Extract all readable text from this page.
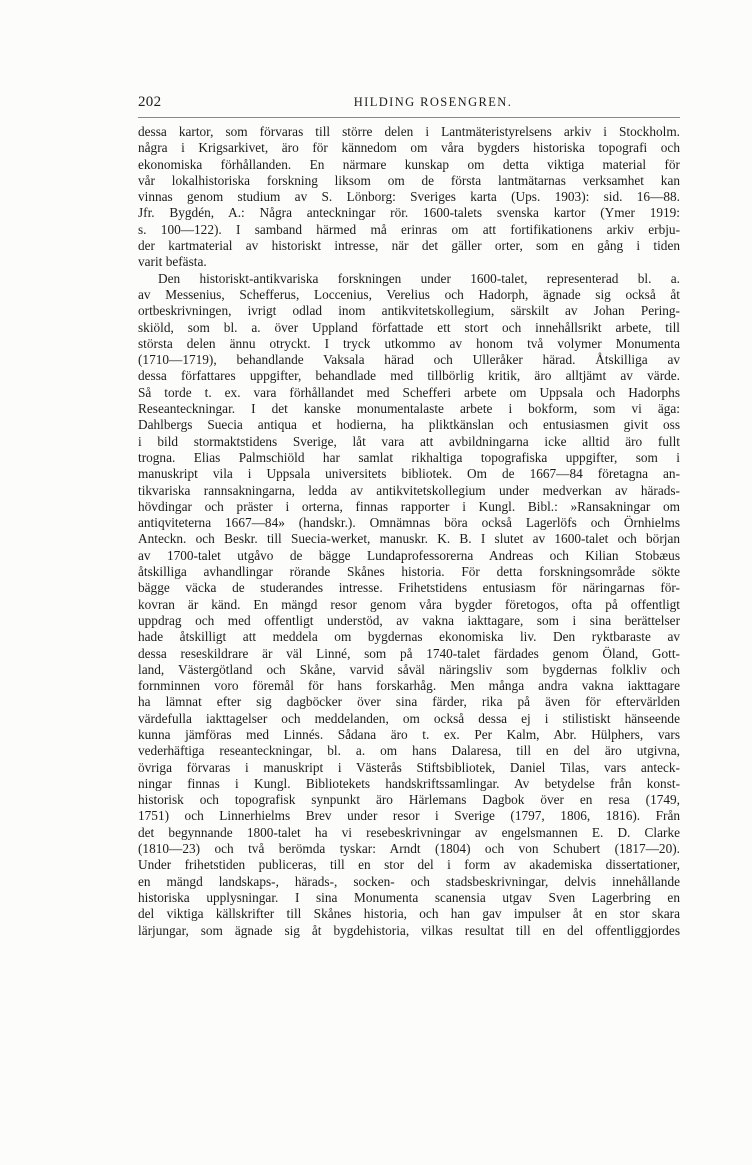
202	HILDING ROSENGREN.
dessa kartor, som förvaras till större delen i Lantmäteristyrelsens arkiv i Stockholm.
några i Krigsarkivet, äro för kännedom om våra bygders historiska topografi och
ekonomiska förhållanden. En närmare kunskap om detta viktiga material för
vår lokalhistoriska forskning liksom om de första lantmätarnas verksamhet kan
vinnas genom studium av S. Lönborg: Sveriges karta (Ups. 1903): sid. 16—88.
Jfr. Bygdén, A.: Några anteckningar rör. 1600-talets svenska kartor (Ymer 1919:
s. 100—122). I samband härmed må erinras om att fortifikationens arkiv erbju-
der kartmaterial av historiskt intresse, när det gäller orter, som en gång i tiden
varit befästa.
Den historiskt-antikvariska forskningen under 1600-talet, representerad bl. a.
av Messenius, Schefferus, Loccenius, Verelius och Hadorph, ägnade sig också åt
ortbeskrivningen, ivrigt odlad inom antikvitetskollegium, särskilt av Johan Pering-
skiöld, som bl. a. över Uppland författade ett stort och innehållsrikt arbete, till
största delen ännu otryckt. I tryck utkommo av honom två volymer Monumenta
(1710—1719), behandlande Vaksala härad och Ulleråker härad. Åtskilliga av
dessa författares uppgifter, behandlade med tillbörlig kritik, äro alltjämt av värde.
Så torde t. ex. vara förhållandet med Schefferi arbete om Uppsala och Hadorphs
Reseanteckningar. I det kanske monumentalaste arbete i bokform, som vi äga:
Dahlbergs Suecia antiqua et hodierna, ha pliktkänslan och entusiasmen givit oss
i bild stormaktstidens Sverige, låt vara att avbildningarna icke alltid äro fullt
trogna. Elias Palmschiöld har samlat rikhaltiga topografiska uppgifter, som i
manuskript vila i Uppsala universitets bibliotek. Om de 1667—84 företagna an-
tikvariska rannsakningarna, ledda av antikvitetskollegium under medverkan av härads-
hövdingar och präster i orterna, finnas rapporter i Kungl. Bibl.: »Ransakningar om
antiqviteterna 1667—84» (handskr.). Omnämnas böra också Lagerlöfs och Örnhielms
Anteckn. och Beskr. till Suecia-werket, manuskr. K. B. I slutet av 1600-talet och början
av 1700-talet utgåvo de bägge Lundaprofessorerna Andreas och Kilian Stobæus
åtskilliga avhandlingar rörande Skånes historia. För detta forskningsområde sökte
bägge väcka de studerandes intresse. Frihetstidens entusiasm för näringarnas för-
kovran är känd. En mängd resor genom våra bygder företogos, ofta på offentligt
uppdrag och med offentligt understöd, av vakna iakttagare, som i sina berättelser
hade åtskilligt att meddela om bygdernas ekonomiska liv. Den ryktbaraste av
dessa reseskildrare är väl Linné, som på 1740-talet färdades genom Öland, Gott-
land, Västergötland och Skåne, varvid såväl näringsliv som bygdernas folkliv och
fornminnen voro föremål för hans forskarhåg. Men många andra vakna iakttagare
ha lämnat efter sig dagböcker över sina färder, rika på även för eftervärlden
värdefulla iakttagelser och meddelanden, om också dessa ej i stilistiskt hänseende
kunna jämföras med Linnés. Sådana äro t. ex. Per Kalm, Abr. Hülphers, vars
vederhäftiga reseanteckningar, bl. a. om hans Dalaresa, till en del äro utgivna,
övriga förvaras i manuskript i Västerås Stiftsbibliotek, Daniel Tilas, vars anteck-
ningar finnas i Kungl. Bibliotekets handskriftssamlingar. Av betydelse från konst-
historisk och topografisk synpunkt äro Härlemans Dagbok över en resa (1749,
1751) och Linnerhielms Brev under resor i Sverige (1797, 1806, 1816). Från
det begynnande 1800-talet ha vi resebeskrivningar av engelsmannen E. D. Clarke
(1810—23) och två berömda tyskar: Arndt (1804) och von Schubert (1817—20).
Under frihetstiden publiceras, till en stor del i form av akademiska dissertationer,
en mängd landskaps-, härads-, socken- och stadsbeskrivningar, delvis innehållande
historiska upplysningar. I sina Monumenta scanensia utgav Sven Lagerbring en
del viktiga källskrifter till Skånes historia, och han gav impulser åt en stor skara
lärjungar, som ägnade sig åt bygdehistoria, vilkas resultat till en del offentliggjordes
